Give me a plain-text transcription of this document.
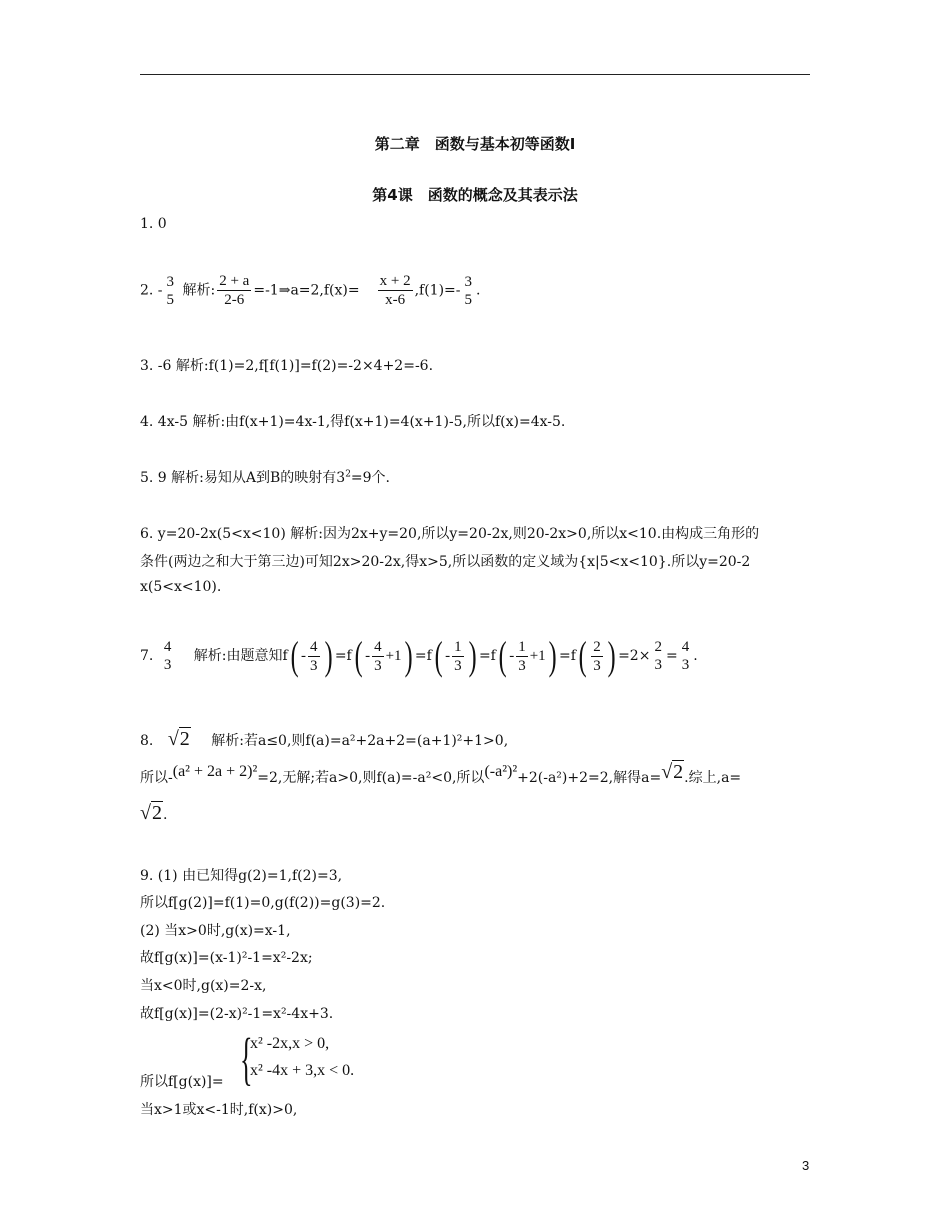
第二章　函数与基本初等函数Ⅰ
第4课　函数的概念及其表示法
1. 0
2. -
3
5
解析: $\frac{2 + a}{2-6}$ =-1⇒a=2,f(x)= $\frac{x + 2}{x-6} ,f(1)=-$
3
5
.
3. -6 解析:f(1)=2,f[f(1)]=f(2)=-2×4+2=-6.
4. 4x-5 解析:由f(x+1)=4x-1,得f(x+1)=4(x+1)-5,所以f(x)=4x-5.
5. 9 解析:易知从A到B的映射有$3^2=9$个.
6. y=20-2x(5<x<10) 解析:因为2x+y=20,所以y=20-2x,则20-2x>0,所以x<10.由构成三角形的
条件(两边之和大于第三边)可知2x>20-2x,得x>5,所以函数的定义域为{x|5<x<10}.所以y=20-2
x(5<x<10).
7.
4
3
解析:由题意知$f( - \frac{4}{3}$ ) $=f( - \frac{4}{3} +1) =f( - \frac{1}{3}$ ) $=f( - \frac{1}{3} +1) =f( \frac{2}{3}$ ) =2×
2
3
=
4
3
.
8. √2 解析:若a≤0,则f(a)=a²+2a+2=(a+1)²+1>0,
所以-(a² + 2a + 2)²=2,无解;若a>0,则f(a)=-a²<0,所以(-a²)²+2(-a²)+2=2,解得a=√2.综上,a=
√2.
9. (1) 由已知得g(2)=1,f(2)=3,
所以f[g(2)]=f(1)=0,g(f(2))=g(3)=2.
(2) 当x>0时,g(x)=x-1,
故f[g(x)]=(x-1)²-1=x²-2x;
当x<0时,g(x)=2-x,
故f[g(x)]=(2-x)²-1=x²-4x+3.
{
x² -2x,x > 0,
x² -4x + 3,x < 0.
所以f[g(x)]=
当x>1或x<-1时,f(x)>0,
3
